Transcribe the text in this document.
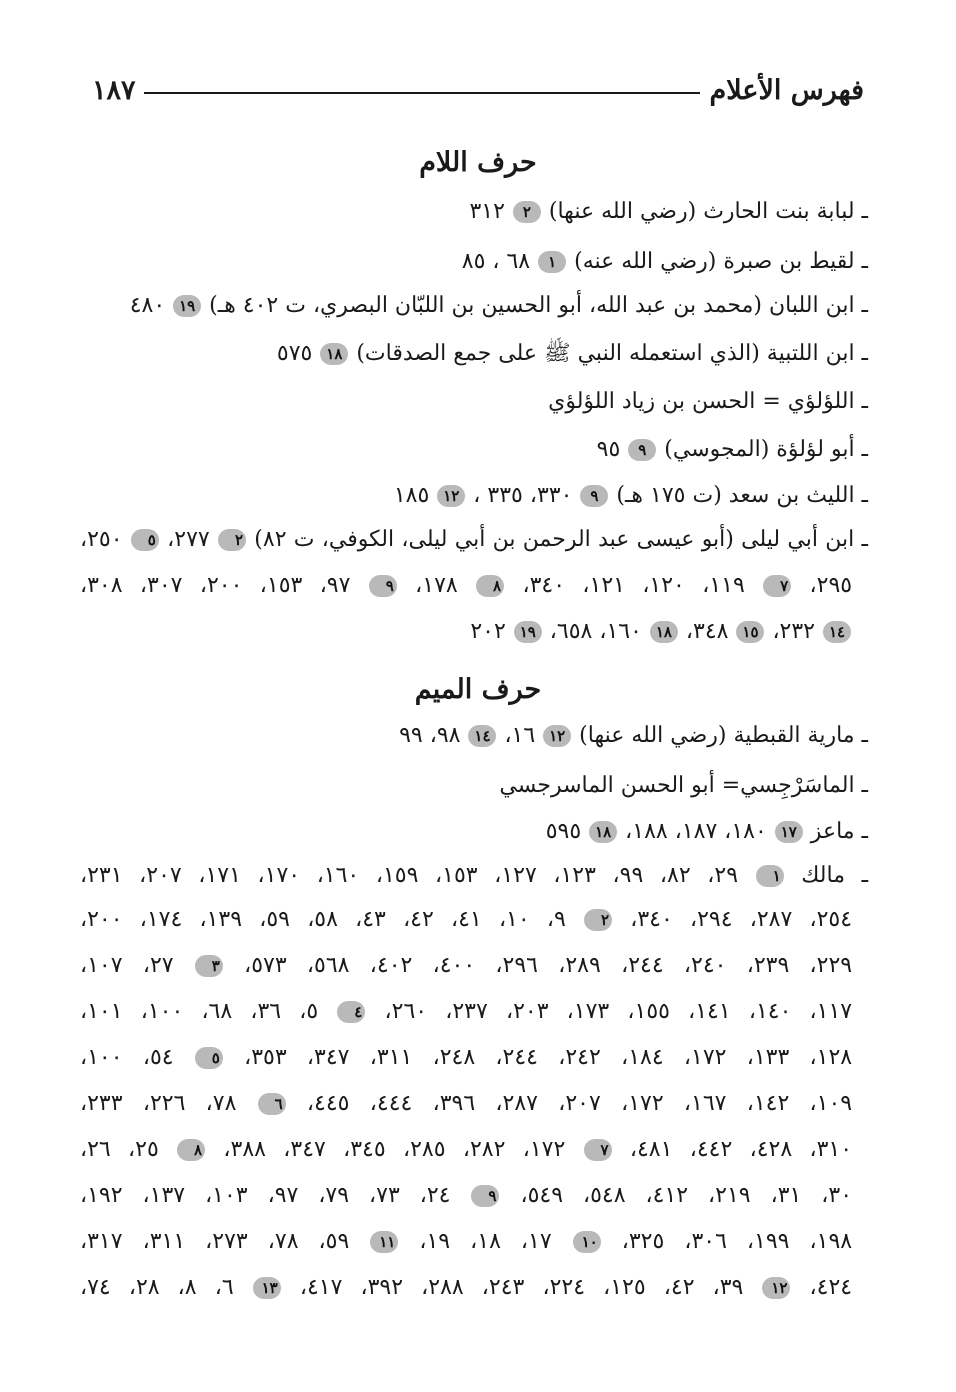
فهرس الأعلام
١٨٧
حرف اللام
ـ لبابة بنت الحارث (رضي الله عنها) ٢ ٣١٢
ـ لقيط بن صبرة (رضي الله عنه) ١ ٦٨ ، ٨٥
ـ ابن اللبان (محمد بن عبد الله، أبو الحسين بن اللبّان البصري، ت ٤٠٢ هـ) ١٩ ٤٨٠
ـ ابن اللتبية (الذي استعمله النبي ﷺ على جمع الصدقات) ١٨ ٥٧٥
ـ اللؤلؤي = الحسن بن زياد اللؤلؤي
ـ أبو لؤلؤة (المجوسي) ٩ ٩٥
ـ الليث بن سعد (ت ١٧٥ هـ) ٩ ٣٣٠، ٣٣٥ ، ١٢ ١٨٥
ـ ابن أبي ليلى (أبو عيسى عبد الرحمن بن أبي ليلى، الكوفي، ت ٨٢) ٢ ٢٧٧، ٥ ٢٥٠،
٢٩٥، ٧ ١١٩، ١٢٠، ١٢١، ٣٤٠، ٨ ١٧٨، ٩ ٩٧، ١٥٣، ٢٠٠، ٣٠٧، ٣٠٨،
١٤ ٢٣٢، ١٥ ٣٤٨، ١٨ ١٦٠، ٦٥٨، ١٩ ٢٠٢
حرف الميم
ـ مارية القبطية (رضي الله عنها) ١٢ ١٦، ١٤ ٩٨، ٩٩
ـ الماسَرْجِسي= أبو الحسن الماسرجسي
ـ ماعز ١٧ ١٨٠، ١٨٧، ١٨٨، ١٨ ٥٩٥
ـ مالك ١ ٢٩، ٨٢، ٩٩، ١٢٣، ١٢٧، ١٥٣، ١٥٩، ١٦٠، ١٧٠، ١٧١، ٢٠٧، ٢٣١،
٢٥٤، ٢٨٧، ٢٩٤، ٣٤٠، ٢ ٩، ١٠، ٤١، ٤٢، ٤٣، ٥٨، ٥٩، ١٣٩، ١٧٤، ٢٠٠،
٢٢٩، ٢٣٩، ٢٤٠، ٢٤٤، ٢٨٩، ٢٩٦، ٤٠٠، ٤٠٢، ٥٦٨، ٥٧٣، ٣ ٢٧، ١٠٧،
١١٧، ١٤٠، ١٤١، ١٥٥، ١٧٣، ٢٠٣، ٢٣٧، ٢٦٠، ٤ ٥، ٣٦، ٦٨، ١٠٠، ١٠١،
١٢٨، ١٣٣، ١٧٢، ١٨٤، ٢٤٢، ٢٤٤، ٢٤٨، ٣١١، ٣٤٧، ٣٥٣، ٥ ٥٤، ١٠٠،
١٠٩، ١٤٢، ١٦٧، ١٧٢، ٢٠٧، ٢٨٧، ٣٩٦، ٤٤٤، ٤٤٥، ٦ ٧٨، ٢٢٦، ٢٣٣،
٣١٠، ٤٢٨، ٤٤٢، ٤٨١، ٧ ١٧٢، ٢٨٢، ٢٨٥، ٣٤٥، ٣٤٧، ٣٨٨، ٨ ٢٥، ٢٦،
٣٠، ٣١، ٢١٩، ٤١٢، ٥٤٨، ٥٤٩، ٩ ٢٤، ٧٣، ٧٩، ٩٧، ١٠٣، ١٣٧، ١٩٢،
١٩٨، ١٩٩، ٣٠٦، ٣٢٥، ١٠ ١٧، ١٨، ١٩، ١١ ٥٩، ٧٨، ٢٧٣، ٣١١، ٣١٧،
٤٢٤، ١٢ ٣٩، ٤٢، ١٢٥، ٢٢٤، ٢٤٣، ٢٨٨، ٣٩٢، ٤١٧، ١٣ ٦، ٨، ٢٨، ٧٤،
